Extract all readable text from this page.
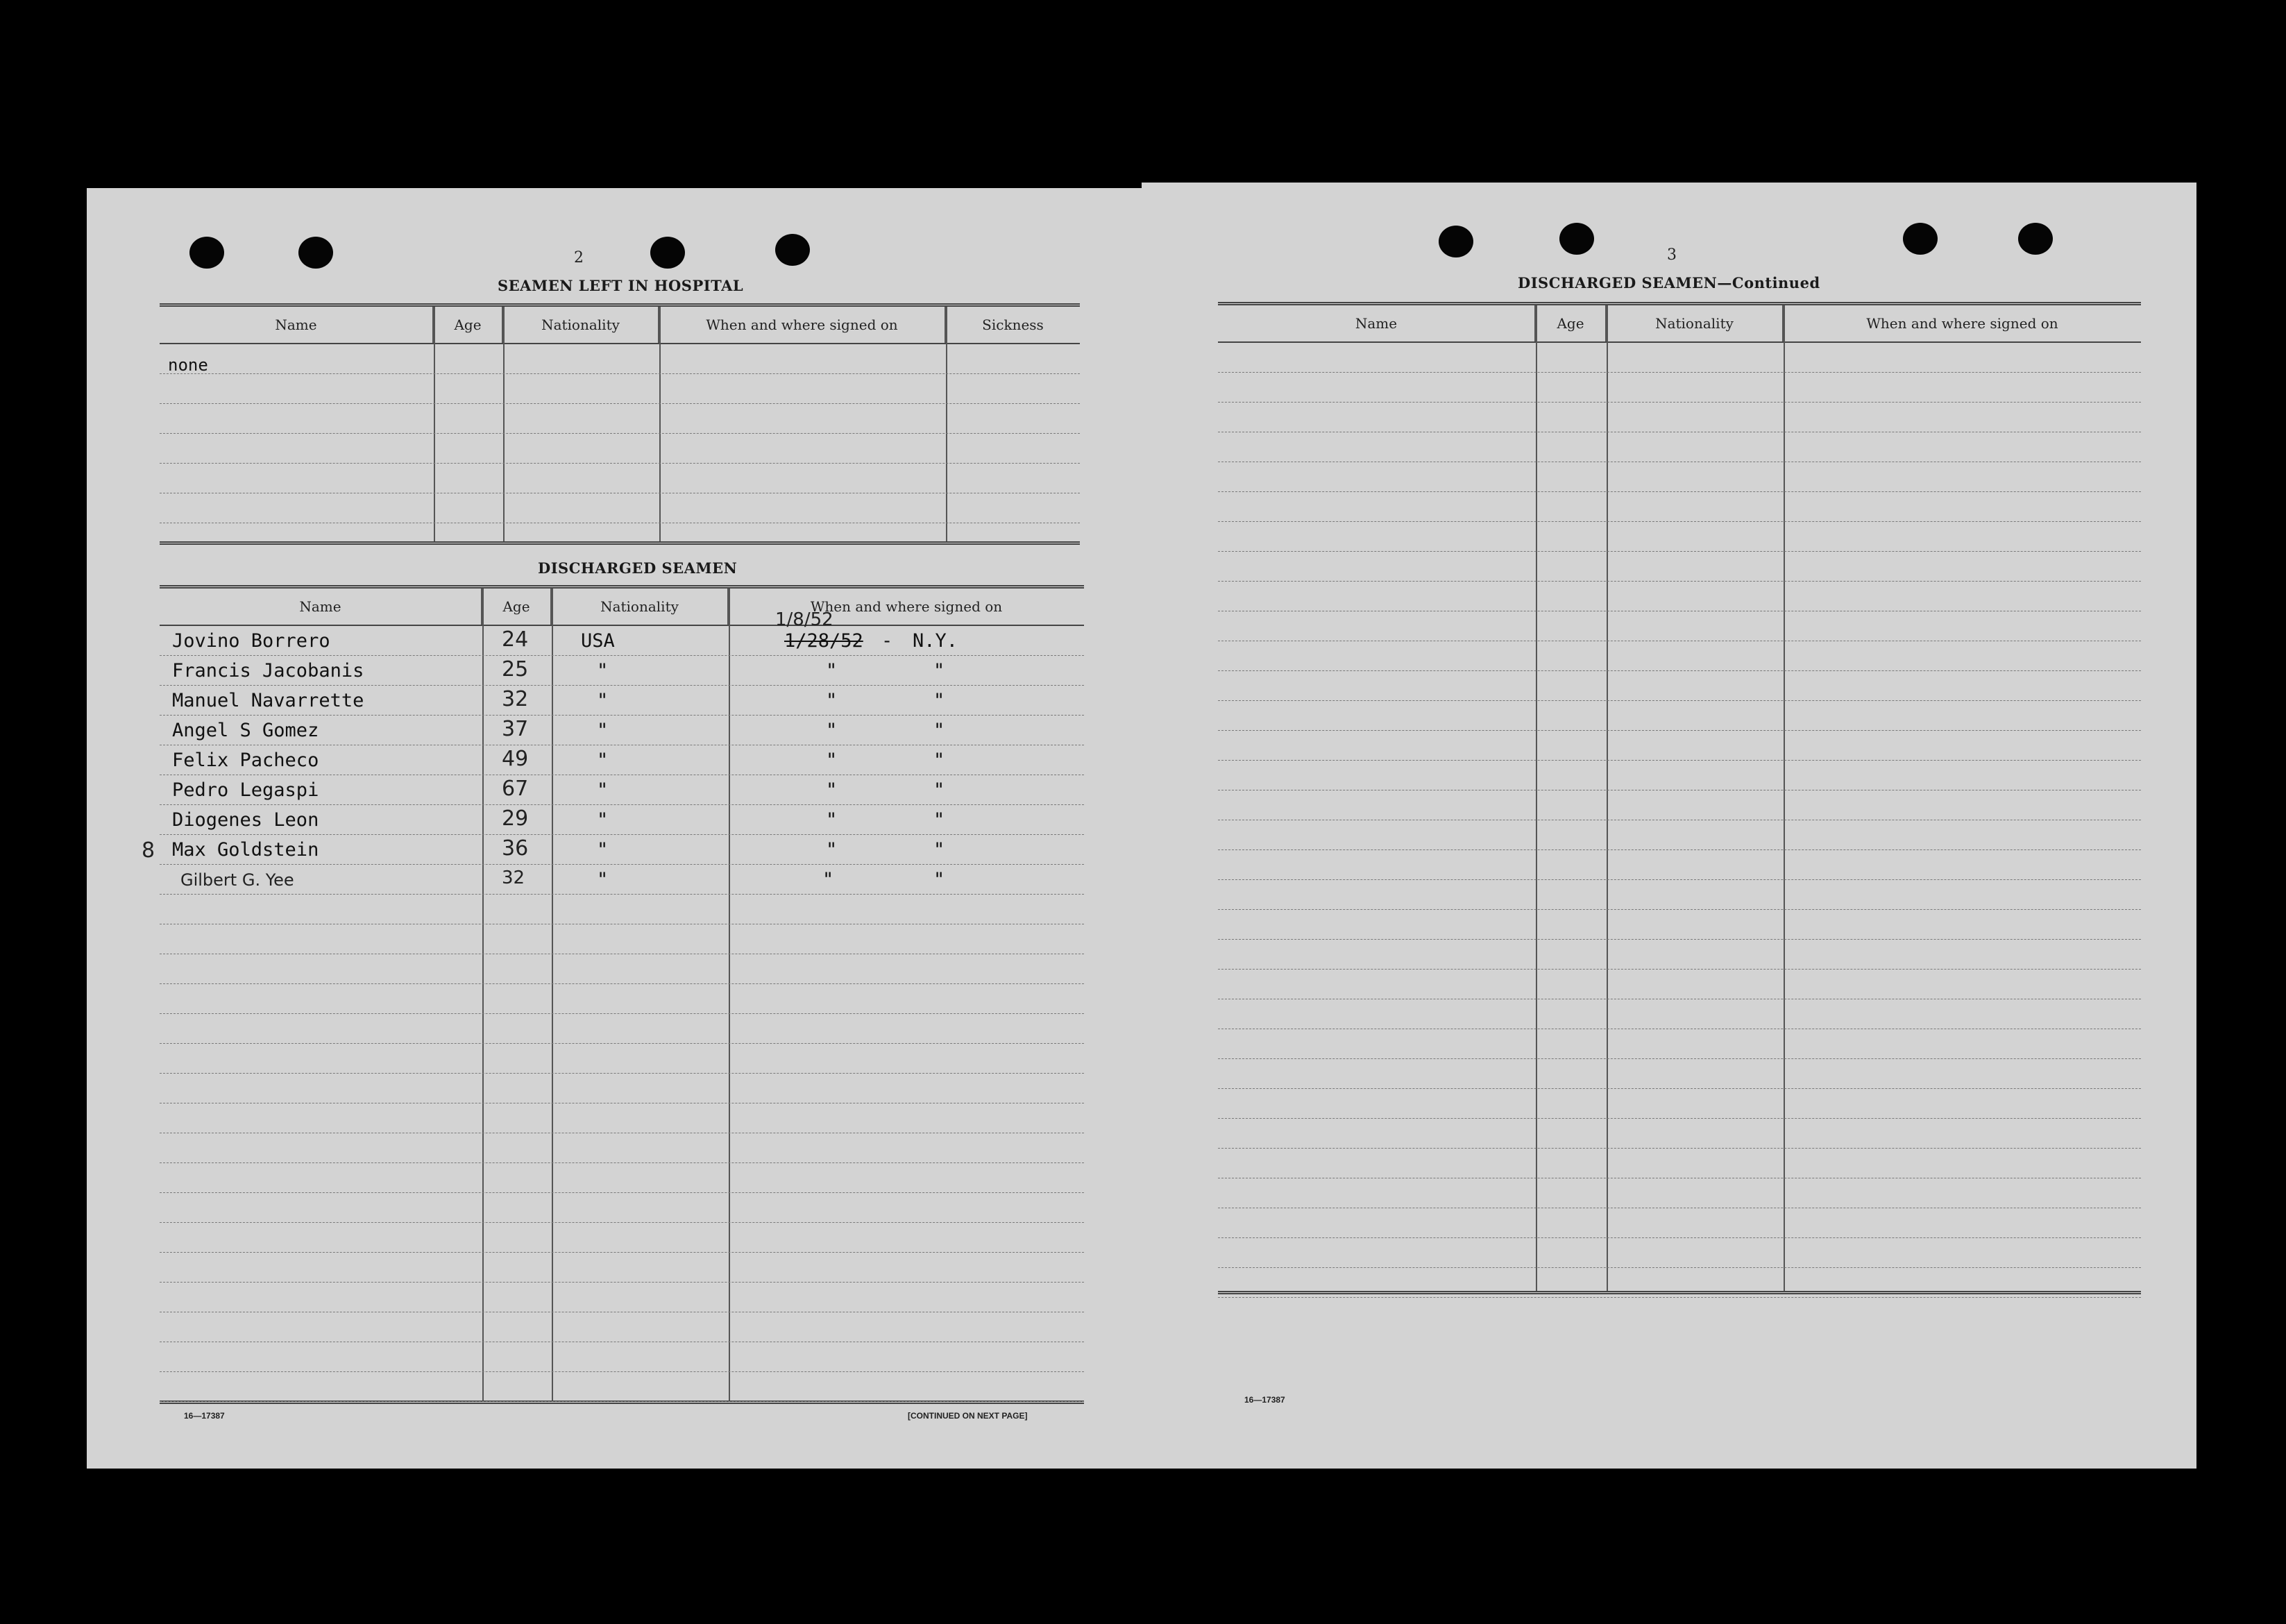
2
SEAMEN LEFT IN HOSPITAL
Name	Age	Nationality	When and where signed on	Sickness
none
DISCHARGED SEAMEN
Name	Age	Nationality	When and where signed on
Jovino Borrero	24	USA
1/8/52
1/28/52 - N.Y.
Francis Jacobanis	25	"	"	"
Manuel Navarrette	32	"	"	"
Angel S Gomez	37	"	"	"
Felix Pacheco	49	"	"	"
Pedro Legaspi	67	"	"	"
Diogenes Leon	29	"	"	"
8 Max Goldstein	36	"	"	"
Gilbert G. Yee	32	"	"	"
16—17387	[CONTINUED ON NEXT PAGE]
3
DISCHARGED SEAMEN—Continued
Name	Age	Nationality	When and where signed on
16—17387
